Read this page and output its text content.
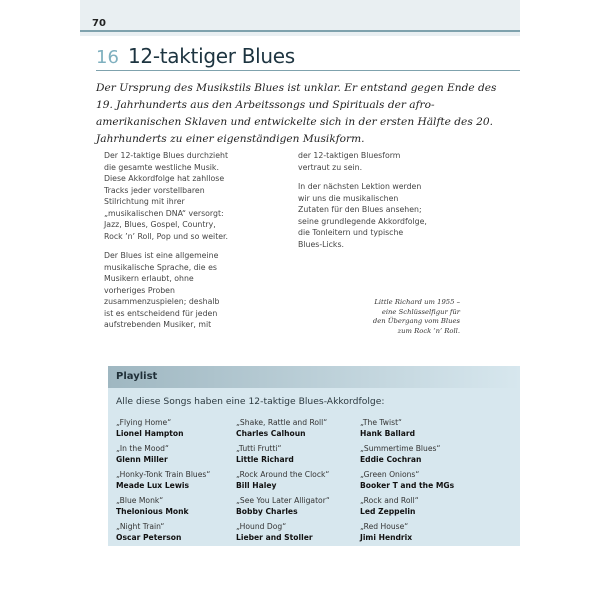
70
16 12-taktiger Blues

Der Ursprung des Musikstils Blues ist unklar. Er entstand gegen Ende des 19. Jahrhunderts aus den Arbeitssongs und Spirituals der afro-amerikanischen Sklaven und entwickelte sich in der ersten Hälfte des 20. Jahrhunderts zu einer eigenständigen Musikform.

Der 12-taktige Blues durchzieht die gesamte westliche Musik. Diese Akkordfolge hat zahllose Tracks jeder vorstellbaren Stilrichtung mit ihrer „musikalischen DNA“ versorgt: Jazz, Blues, Gospel, Country, Rock ’n’ Roll, Pop und so weiter.

Der Blues ist eine allgemeine musikalische Sprache, die es Musikern erlaubt, ohne vorheriges Proben zusammenzuspielen; deshalb ist es entscheidend für jeden aufstrebenden Musiker, mit

der 12-taktigen Bluesform vertraut zu sein.

In der nächsten Lektion werden wir uns die musikalischen Zutaten für den Blues ansehen; seine grundlegende Akkordfolge, die Tonleitern und typische Blues-Licks.

Little Richard um 1955 – eine Schlüsselfigur für den Übergang vom Blues zum Rock ’n’ Roll.
Playlist
Alle diese Songs haben eine 12-taktige Blues-Akkordfolge:
„Flying Home“
Lionel Hampton
„In the Mood“
Glenn Miller
„Honky-Tonk Train Blues“
Meade Lux Lewis
„Blue Monk“
Thelonious Monk
„Night Train“
Oscar Peterson
„Shake, Rattle and Roll“
Charles Calhoun
„Tutti Frutti“
Little Richard
„Rock Around the Clock“
Bill Haley
„See You Later Alligator“
Bobby Charles
„Hound Dog“
Lieber and Stoller
„The Twist“
Hank Ballard
„Summertime Blues“
Eddie Cochran
„Green Onions“
Booker T and the MGs
„Rock and Roll“
Led Zeppelin
„Red House“
Jimi Hendrix
